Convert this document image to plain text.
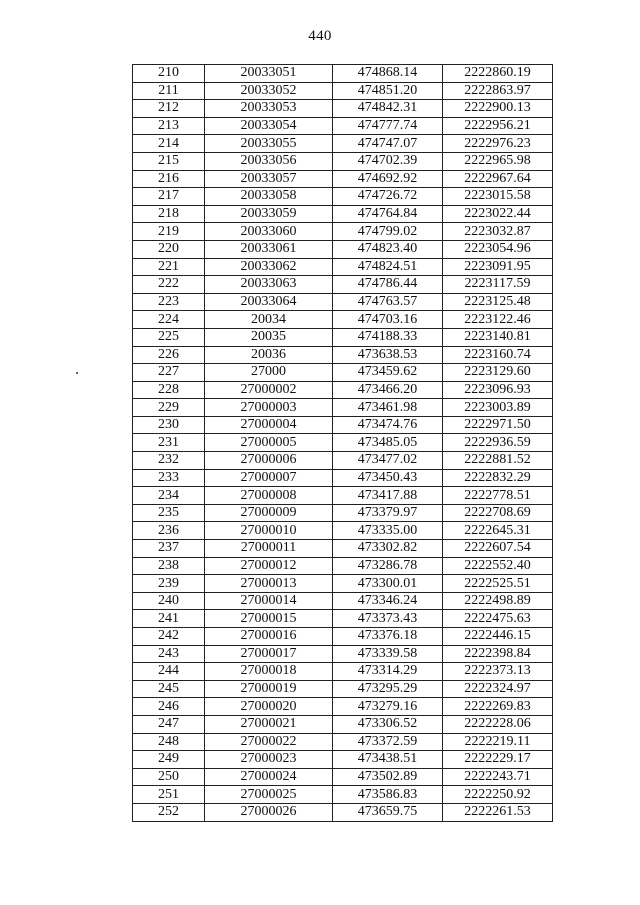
440
210	20033051	474868.14	2222860.19
211	20033052	474851.20	2222863.97
212	20033053	474842.31	2222900.13
213	20033054	474777.74	2222956.21
214	20033055	474747.07	2222976.23
215	20033056	474702.39	2222965.98
216	20033057	474692.92	2222967.64
217	20033058	474726.72	2223015.58
218	20033059	474764.84	2223022.44
219	20033060	474799.02	2223032.87
220	20033061	474823.40	2223054.96
221	20033062	474824.51	2223091.95
222	20033063	474786.44	2223117.59
223	20033064	474763.57	2223125.48
224	20034	474703.16	2223122.46
225	20035	474188.33	2223140.81
226	20036	473638.53	2223160.74
227	27000	473459.62	2223129.60
228	27000002	473466.20	2223096.93
229	27000003	473461.98	2223003.89
230	27000004	473474.76	2222971.50
231	27000005	473485.05	2222936.59
232	27000006	473477.02	2222881.52
233	27000007	473450.43	2222832.29
234	27000008	473417.88	2222778.51
235	27000009	473379.97	2222708.69
236	27000010	473335.00	2222645.31
237	27000011	473302.82	2222607.54
238	27000012	473286.78	2222552.40
239	27000013	473300.01	2222525.51
240	27000014	473346.24	2222498.89
241	27000015	473373.43	2222475.63
242	27000016	473376.18	2222446.15
243	27000017	473339.58	2222398.84
244	27000018	473314.29	2222373.13
245	27000019	473295.29	2222324.97
246	27000020	473279.16	2222269.83
247	27000021	473306.52	2222228.06
248	27000022	473372.59	2222219.11
249	27000023	473438.51	2222229.17
250	27000024	473502.89	2222243.71
251	27000025	473586.83	2222250.92
252	27000026	473659.75	2222261.53
